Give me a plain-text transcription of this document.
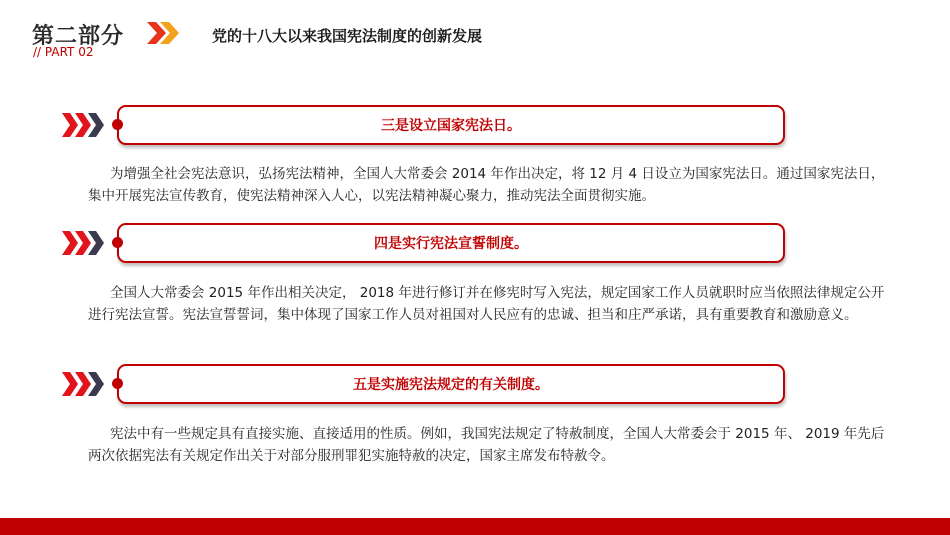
第二部分
// PART 02
党的十八大以来我国宪法制度的创新发展
三是设立国家宪法日。
为增强全社会宪法意识，弘扬宪法精神，全国人大常委会 2014 年作出决定，将 12 月 4 日设立为国家宪法日。通过国家宪法日，集中开展宪法宣传教育，使宪法精神深入人心，以宪法精神凝心聚力，推动宪法全面贯彻实施。
四是实行宪法宣誓制度。
全国人大常委会 2015 年作出相关决定， 2018 年进行修订并在修宪时写入宪法，规定国家工作人员就职时应当依照法律规定公开进行宪法宣誓。宪法宣誓誓词，集中体现了国家工作人员对祖国对人民应有的忠诚、担当和庄严承诺，具有重要教育和激励意义。
五是实施宪法规定的有关制度。
宪法中有一些规定具有直接实施、直接适用的性质。例如，我国宪法规定了特赦制度，全国人大常委会于 2015 年、 2019 年先后两次依据宪法有关规定作出关于对部分服刑罪犯实施特赦的决定，国家主席发布特赦令。
